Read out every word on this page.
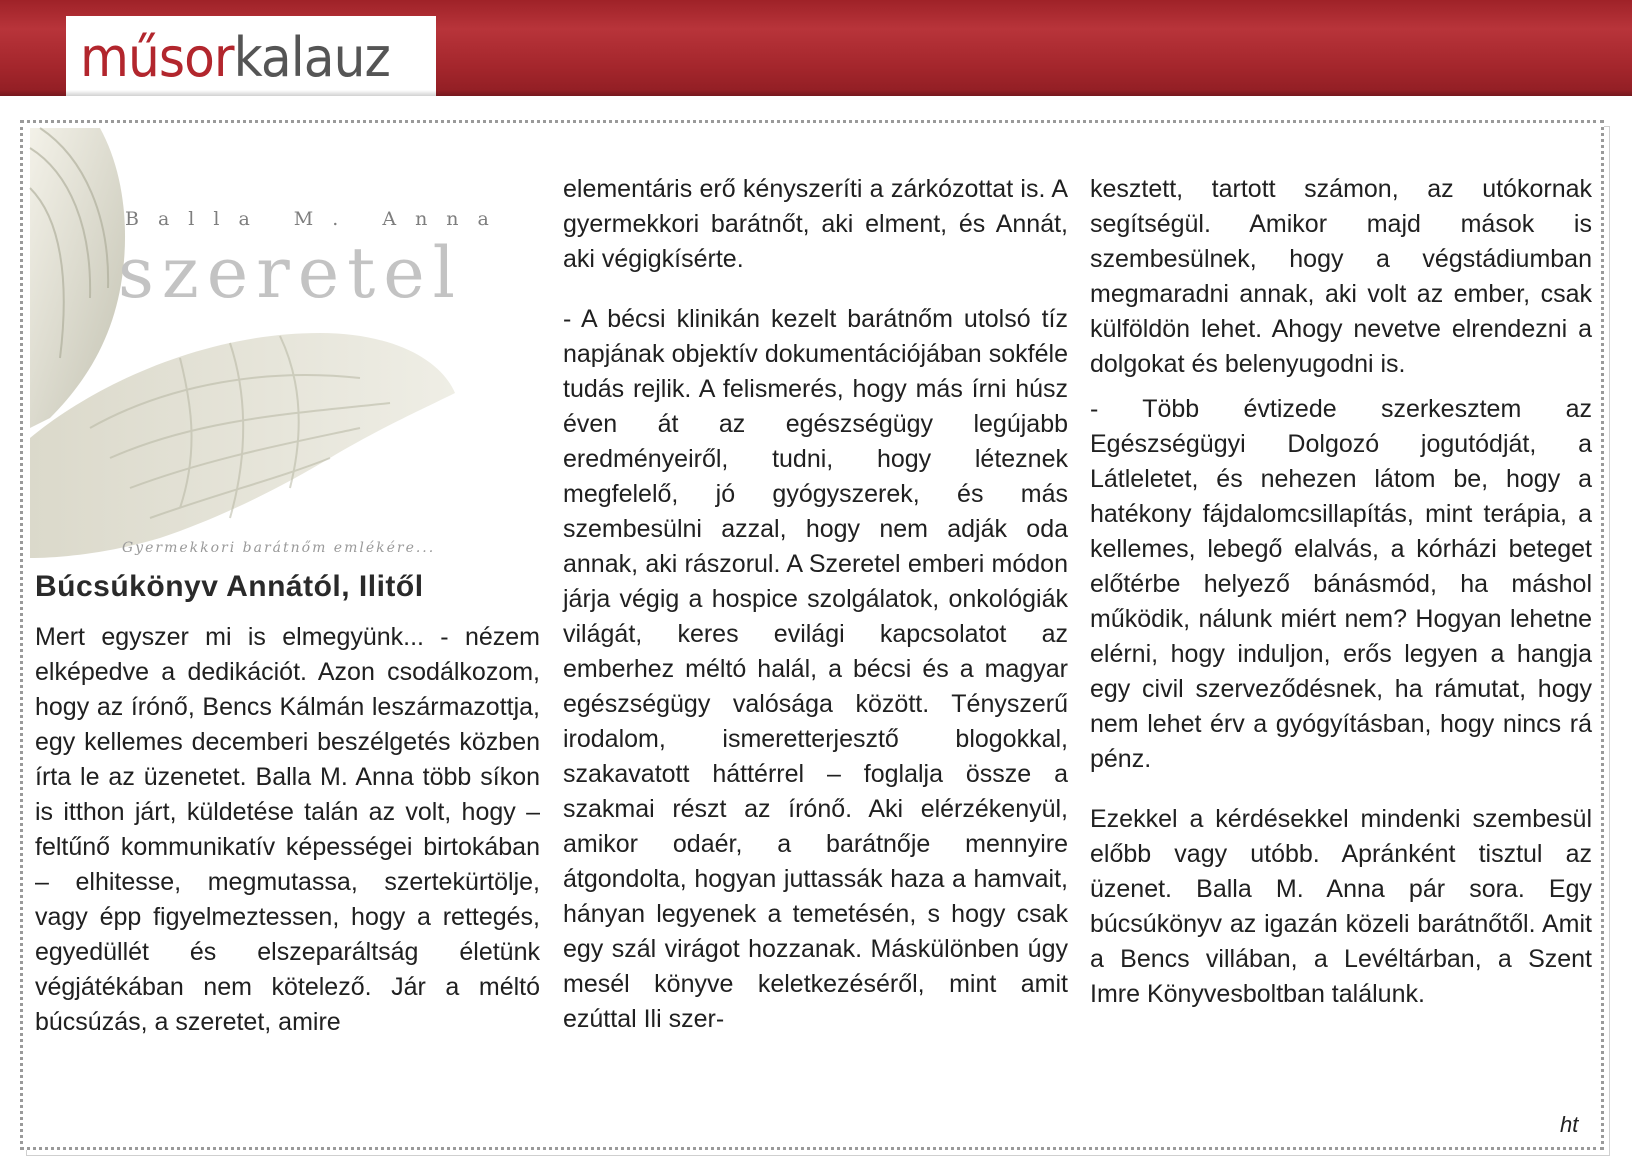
műsorkalauz
Balla M. Anna
szeretel
Gyermekkori barátnőm emlékére...
Búcsúkönyv Annától, Ilitől

Mert egyszer mi is elmegyünk... - nézem elképedve a dedikációt. Azon csodálkozom, hogy az írónő, Bencs Kálmán leszármazottja, egy kellemes decemberi beszélgetés közben írta le az üzenetet. Balla M. Anna több síkon is itthon járt, küldetése talán az volt, hogy – feltűnő kommunikatív képességei birtokában – elhitesse, megmutassa, szertekürtölje, vagy épp figyelmeztessen, hogy a rettegés, egyedüllét és elszeparáltság életünk végjátékában nem kötelező. Jár a méltó búcsúzás, a szeretet, amire

elementáris erő kényszeríti a zárkózottat is. A gyermekkori barátnőt, aki elment, és Annát, aki végigkísérte.

- A bécsi klinikán kezelt barátnőm utolsó tíz napjának objektív dokumentációjában sokféle tudás rejlik. A felismerés, hogy más írni húsz éven át az egészségügy legújabb eredményeiről, tudni, hogy léteznek megfelelő, jó gyógyszerek, és más szembesülni azzal, hogy nem adják oda annak, aki rászorul. A Szeretel emberi módon járja végig a hospice szolgálatok, onkológiák világát, keres evilági kapcsolatot az emberhez méltó halál, a bécsi és a magyar egészségügy valósága között. Tényszerű irodalom, ismeretterjesztő blogokkal, szakavatott háttérrel – foglalja össze a szakmai részt az írónő. Aki elérzékenyül, amikor odaér, a barátnője mennyire átgondolta, hogyan juttassák haza a hamvait, hányan legyenek a temetésén, s hogy csak egy szál virágot hozzanak. Máskülönben úgy mesél könyve keletkezéséről, mint amit ezúttal Ili szer-

kesztett, tartott számon, az utókornak segítségül. Amikor majd mások is szembesülnek, hogy a végstádiumban megmaradni annak, aki volt az ember, csak külföldön lehet. Ahogy nevetve elrendezni a dolgokat és belenyugodni is.

- Több évtizede szerkesztem az Egészségügyi Dolgozó jogutódját, a Látleletet, és nehezen látom be, hogy a hatékony fájdalomcsillapítás, mint terápia, a kellemes, lebegő elalvás, a kórházi beteget előtérbe helyező bánásmód, ha máshol működik, nálunk miért nem? Hogyan lehetne elérni, hogy induljon, erős legyen a hangja egy civil szerveződésnek, ha rámutat, hogy nem lehet érv a gyógyításban, hogy nincs rá pénz.

Ezekkel a kérdésekkel mindenki szembesül előbb vagy utóbb. Apránként tisztul az üzenet. Balla M. Anna pár sora. Egy búcsúkönyv az igazán közeli barátnőtől. Amit a Bencs villában, a Levéltárban, a Szent Imre Könyvesboltban találunk.

ht
